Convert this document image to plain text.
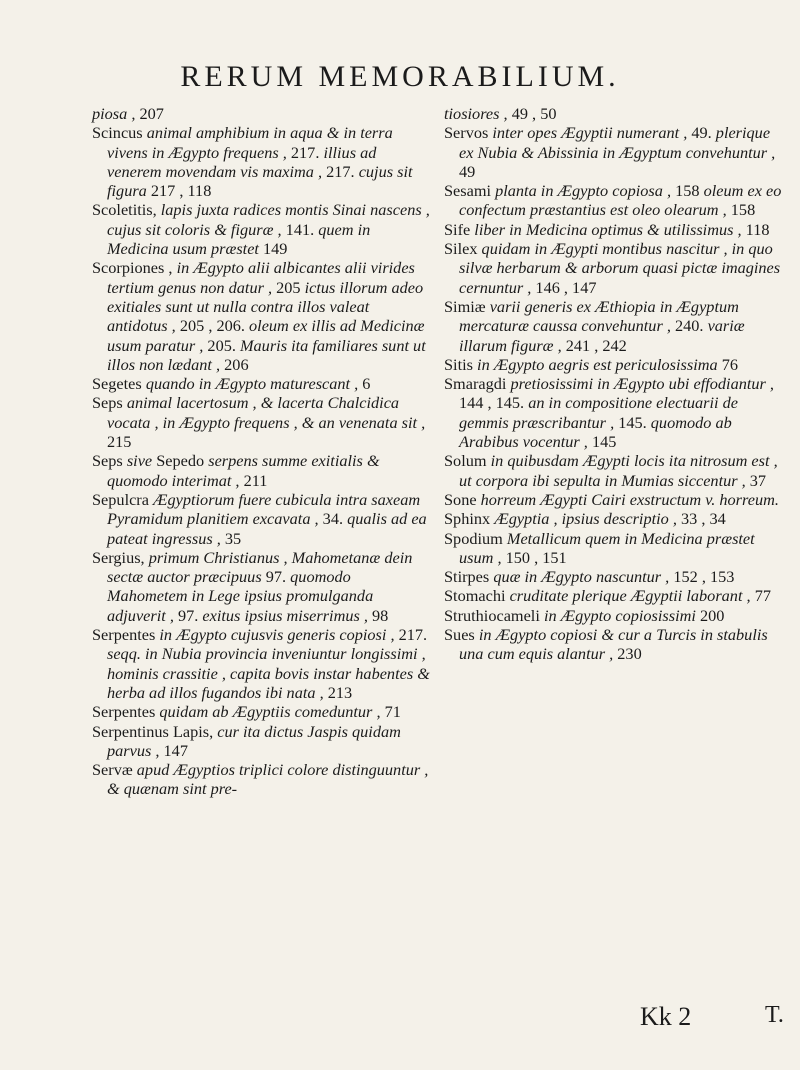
RERUM MEMORABILIUM.

piosa , 207

Scincus animal amphibium in aqua & in terra vivens in Ægypto frequens , 217. illius ad venerem movendam vis maxima , 217. cujus sit figura 217 , 118

Scoletitis, lapis juxta radices montis Sinai nascens , cujus sit coloris & figuræ , 141. quem in Medicina usum præstet 149

Scorpiones , in Ægypto alii albicantes alii virides tertium genus non datur , 205 ictus illorum adeo exitiales sunt ut nulla contra illos valeat antidotus , 205 , 206. oleum ex illis ad Medicinæ usum paratur , 205. Mauris ita familiares sunt ut illos non lædant , 206

Segetes quando in Ægypto maturescant , 6

Seps animal lacertosum , & lacerta Chalcidica vocata , in Ægypto frequens , & an venenata sit , 215

Seps sive Sepedo serpens summe exitialis & quomodo interimat , 211

Sepulcra Ægyptiorum fuere cubicula intra saxeam Pyramidum planitiem excavata , 34. qualis ad ea pateat ingressus , 35

Sergius, primum Christianus , Mahometanæ dein sectæ auctor præcipuus 97. quomodo Mahometem in Lege ipsius promulganda adjuverit , 97. exitus ipsius miserrimus , 98

Serpentes in Ægypto cujusvis generis copiosi , 217. seqq. in Nubia provincia inveniuntur longissimi , hominis crassitie , capita bovis instar habentes & herba ad illos fugandos ibi nata , 213

Serpentes quidam ab Ægyptiis comeduntur , 71

Serpentinus Lapis, cur ita dictus Jaspis quidam parvus , 147

Servæ apud Ægyptios triplici colore distinguuntur , & quænam sint pre-

tiosiores , 49 , 50

Servos inter opes Ægyptii numerant , 49. plerique ex Nubia & Abissinia in Ægyptum convehuntur , 49

Sesami planta in Ægypto copiosa , 158 oleum ex eo confectum præstantius est oleo olearum , 158

Sife liber in Medicina optimus & utilissimus , 118

Silex quidam in Ægypti montibus nascitur , in quo silvæ herbarum & arborum quasi pictæ imagines cernuntur , 146 , 147

Simiæ varii generis ex Æthiopia in Ægyptum mercaturæ caussa convehuntur , 240. variæ illarum figuræ , 241 , 242

Sitis in Ægypto aegris est periculosissima 76

Smaragdi pretiosissimi in Ægypto ubi effodiantur , 144 , 145. an in compositione electuarii de gemmis præscribantur , 145. quomodo ab Arabibus vocentur , 145

Solum in quibusdam Ægypti locis ita nitrosum est , ut corpora ibi sepulta in Mumias siccentur , 37

Sone horreum Ægypti Cairi exstructum v. horreum.

Sphinx Ægyptia , ipsius descriptio , 33 , 34

Spodium Metallicum quem in Medicina præstet usum , 150 , 151

Stirpes quæ in Ægypto nascuntur , 152 , 153

Stomachi cruditate plerique Ægyptii laborant , 77

Struthiocameli in Ægypto copiosissimi 200

Sues in Ægypto copiosi & cur a Turcis in stabulis una cum equis alantur , 230

Kk 2	T.
